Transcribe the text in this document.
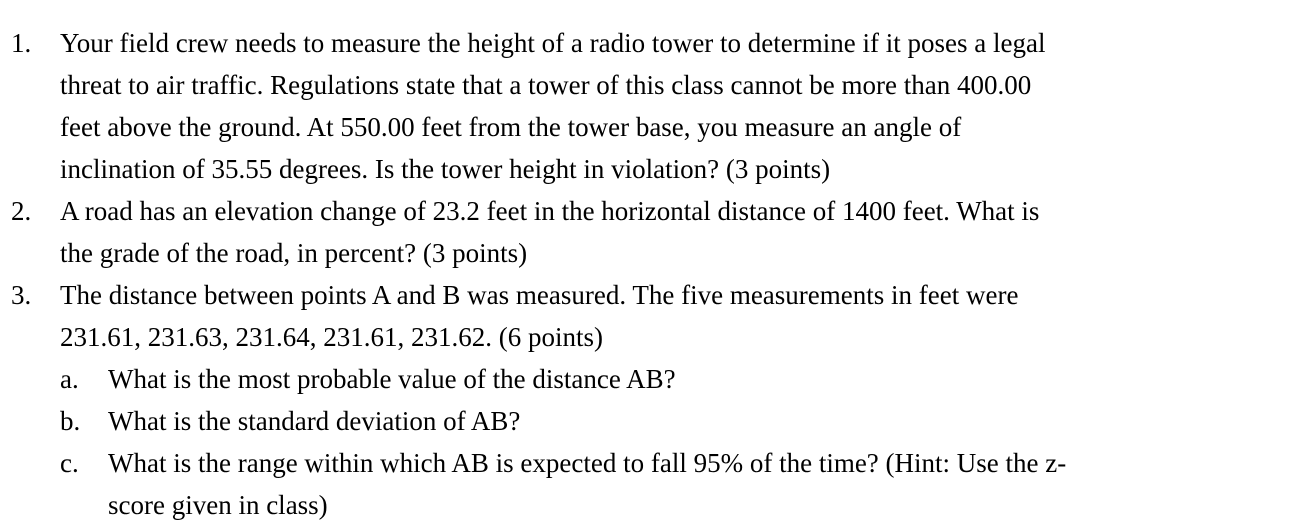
1. Your field crew needs to measure the height of a radio tower to determine if it poses a legal
threat to air traffic. Regulations state that a tower of this class cannot be more than 400.00
feet above the ground. At 550.00 feet from the tower base, you measure an angle of
inclination of 35.55 degrees. Is the tower height in violation? (3 points)
2. A road has an elevation change of 23.2 feet in the horizontal distance of 1400 feet. What is
the grade of the road, in percent? (3 points)
3. The distance between points A and B was measured. The five measurements in feet were
231.61, 231.63, 231.64, 231.61, 231.62. (6 points)
a. What is the most probable value of the distance AB?
b. What is the standard deviation of AB?
c. What is the range within which AB is expected to fall 95% of the time? (Hint: Use the z-
score given in class)
